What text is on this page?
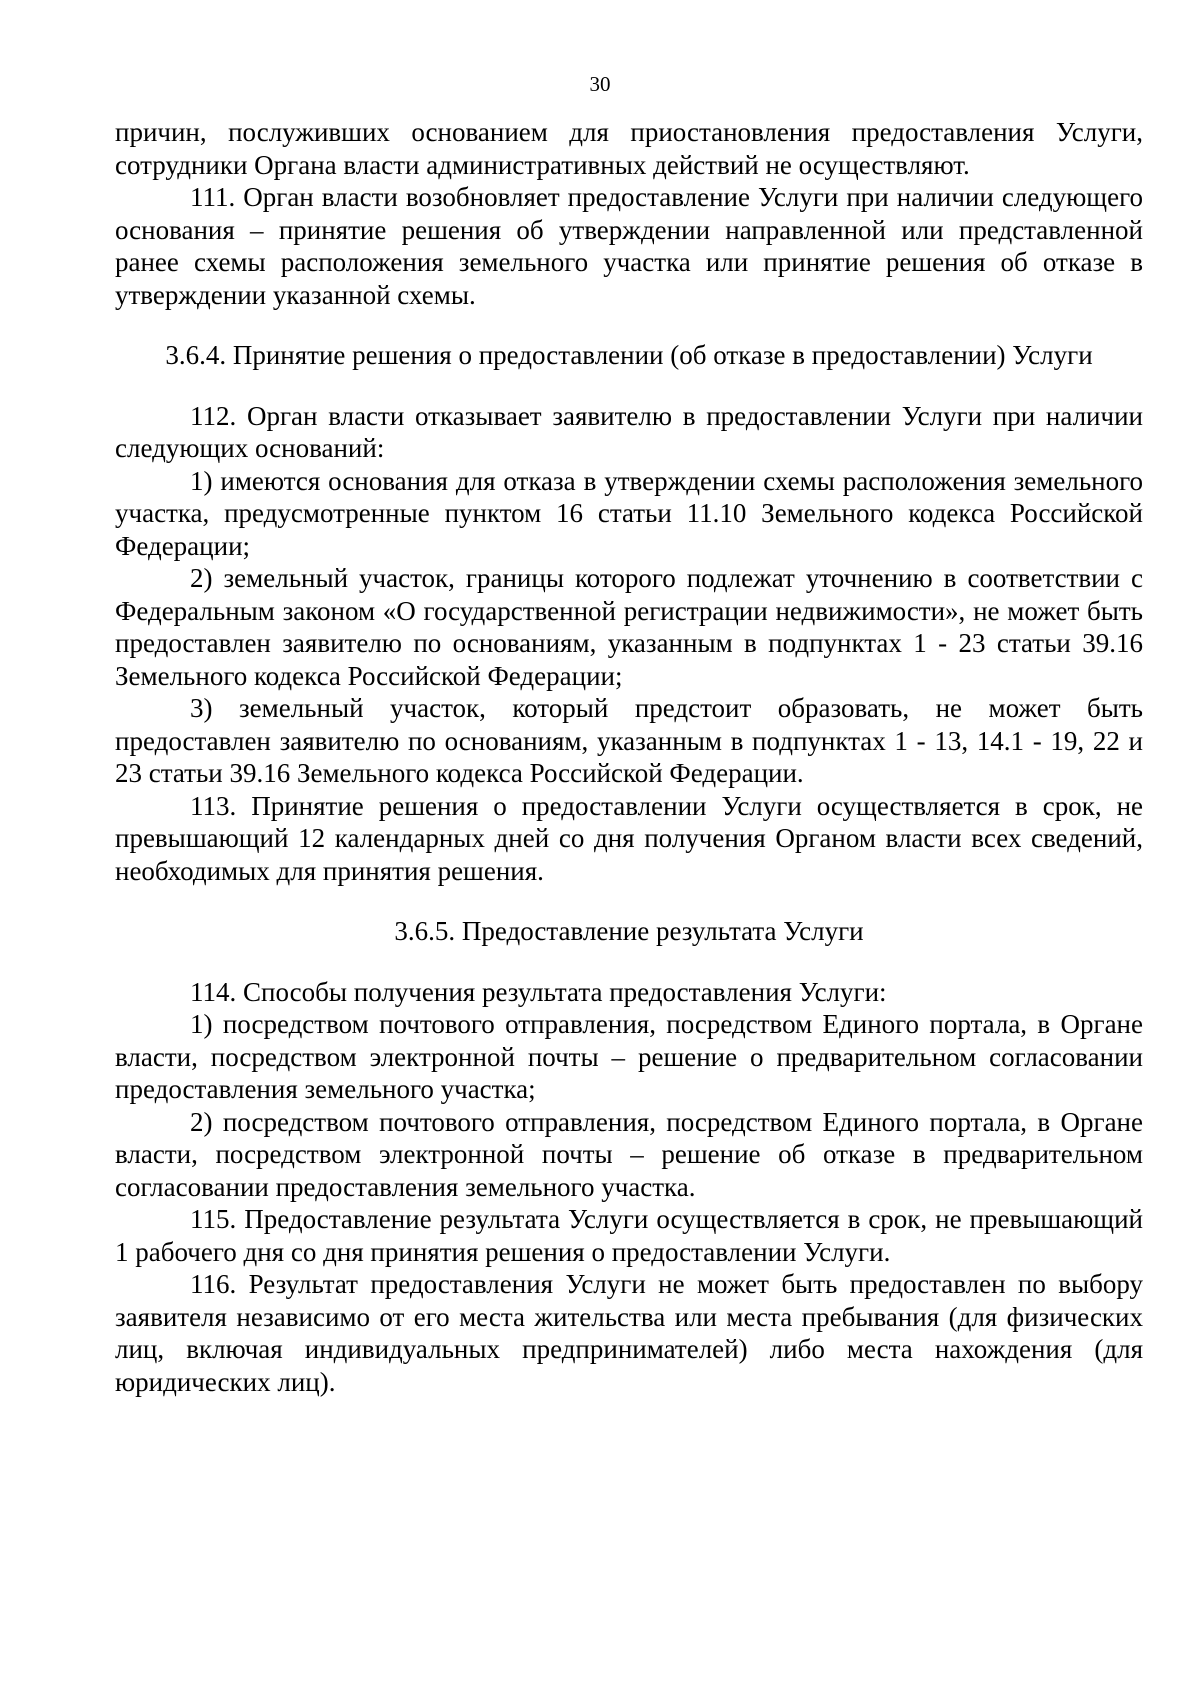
30

причин, послуживших основанием для приостановления предоставления Услуги, сотрудники Органа власти административных действий не осуществляют.

111. Орган власти возобновляет предоставление Услуги при наличии следующего основания – принятие решения об утверждении направленной или представленной ранее схемы расположения земельного участка или принятие решения об отказе в утверждении указанной схемы.

3.6.4. Принятие решения о предоставлении (об отказе в предоставлении) Услуги

112. Орган власти отказывает заявителю в предоставлении Услуги при наличии следующих оснований:

1) имеются основания для отказа в утверждении схемы расположения земельного участка, предусмотренные пунктом 16 статьи 11.10 Земельного кодекса Российской Федерации;

2) земельный участок, границы которого подлежат уточнению в соответствии с Федеральным законом «О государственной регистрации недвижимости», не может быть предоставлен заявителю по основаниям, указанным в подпунктах 1 - 23 статьи 39.16 Земельного кодекса Российской Федерации;

3) земельный участок, который предстоит образовать, не может быть предоставлен заявителю по основаниям, указанным в подпунктах 1 - 13, 14.1 - 19, 22 и 23 статьи 39.16 Земельного кодекса Российской Федерации.

113. Принятие решения о предоставлении Услуги осуществляется в срок, не превышающий 12 календарных дней со дня получения Органом власти всех сведений, необходимых для принятия решения.

3.6.5. Предоставление результата Услуги

114. Способы получения результата предоставления Услуги:

1) посредством почтового отправления, посредством Единого портала, в Органе власти, посредством электронной почты – решение о предварительном согласовании предоставления земельного участка;

2) посредством почтового отправления, посредством Единого портала, в Органе власти, посредством электронной почты – решение об отказе в предварительном согласовании предоставления земельного участка.

115. Предоставление результата Услуги осуществляется в срок, не превышающий 1 рабочего дня со дня принятия решения о предоставлении Услуги.

116. Результат предоставления Услуги не может быть предоставлен по выбору заявителя независимо от его места жительства или места пребывания (для физических лиц, включая индивидуальных предпринимателей) либо места нахождения (для юридических лиц).
